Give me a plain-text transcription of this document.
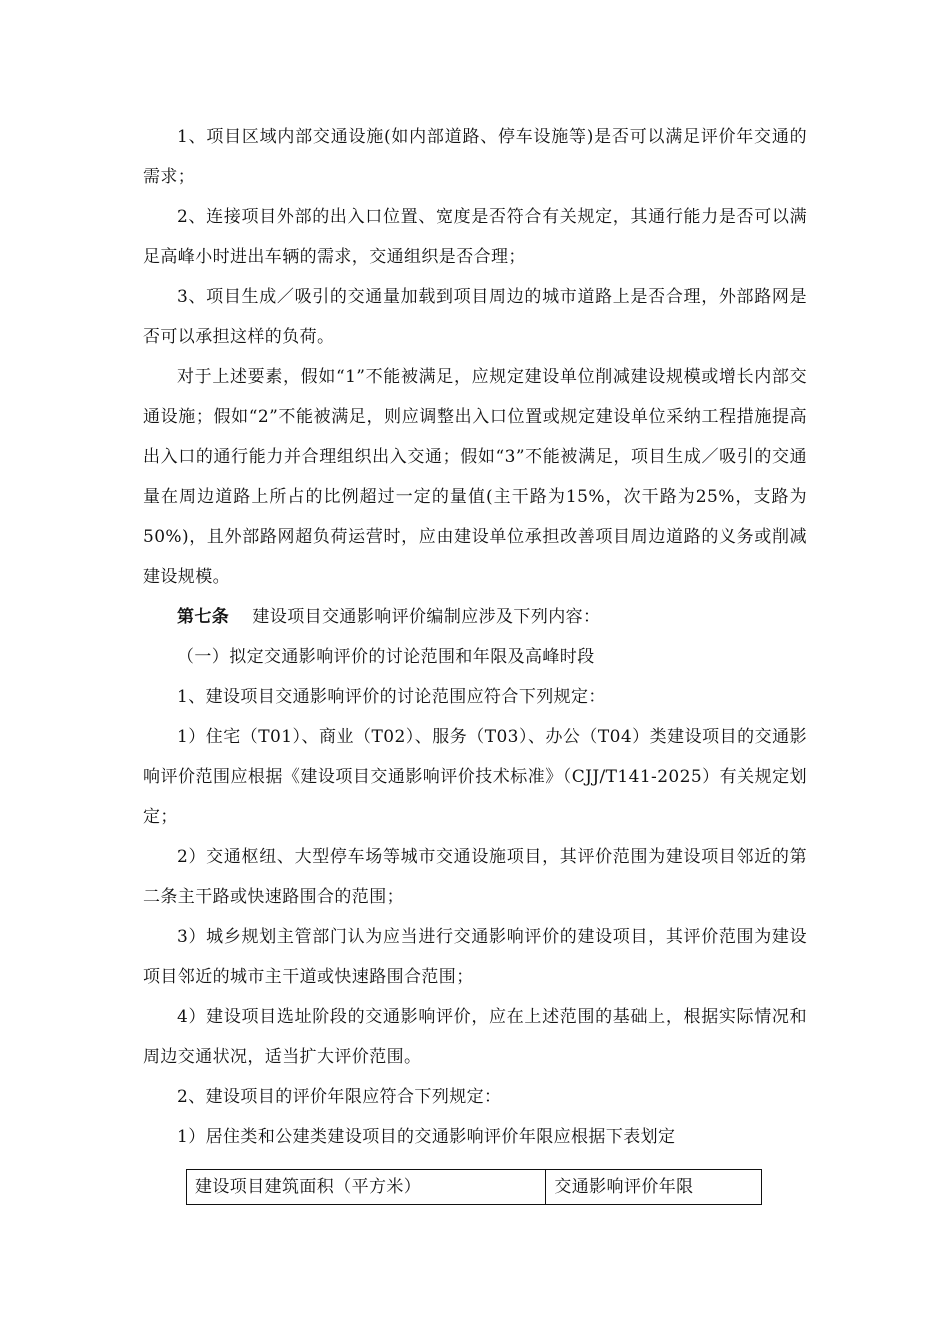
1、项目区域内部交通设施(如内部道路、停车设施等)是否可以满足评价年交通的需求；

2、连接项目外部的出入口位置、宽度是否符合有关规定，其通行能力是否可以满足高峰小时进出车辆的需求，交通组织是否合理；

3、项目生成／吸引的交通量加载到项目周边的城市道路上是否合理，外部路网是否可以承担这样的负荷。

对于上述要素，假如“1”不能被满足，应规定建设单位削减建设规模或增长内部交通设施；假如“2”不能被满足，则应调整出入口位置或规定建设单位采纳工程措施提高出入口的通行能力并合理组织出入交通；假如“3”不能被满足，项目生成／吸引的交通量在周边道路上所占的比例超过一定的量值(主干路为15%，次干路为25%，支路为50%)，且外部路网超负荷运营时，应由建设单位承担改善项目周边道路的义务或削减建设规模。

第七条 建设项目交通影响评价编制应涉及下列内容：

（一）拟定交通影响评价的讨论范围和年限及高峰时段

1、建设项目交通影响评价的讨论范围应符合下列规定：

1）住宅（T01）、商业（T02）、服务（T03）、办公（T04）类建设项目的交通影响评价范围应根据《建设项目交通影响评价技术标准》（CJJ/T141-2025）有关规定划定；

2）交通枢纽、大型停车场等城市交通设施项目，其评价范围为建设项目邻近的第二条主干路或快速路围合的范围；

3）城乡规划主管部门认为应当进行交通影响评价的建设项目，其评价范围为建设项目邻近的城市主干道或快速路围合范围；

4）建设项目选址阶段的交通影响评价，应在上述范围的基础上，根据实际情况和周边交通状况，适当扩大评价范围。

2、建设项目的评价年限应符合下列规定：

1）居住类和公建类建设项目的交通影响评价年限应根据下表划定

建设项目建筑面积（平方米）	交通影响评价年限
